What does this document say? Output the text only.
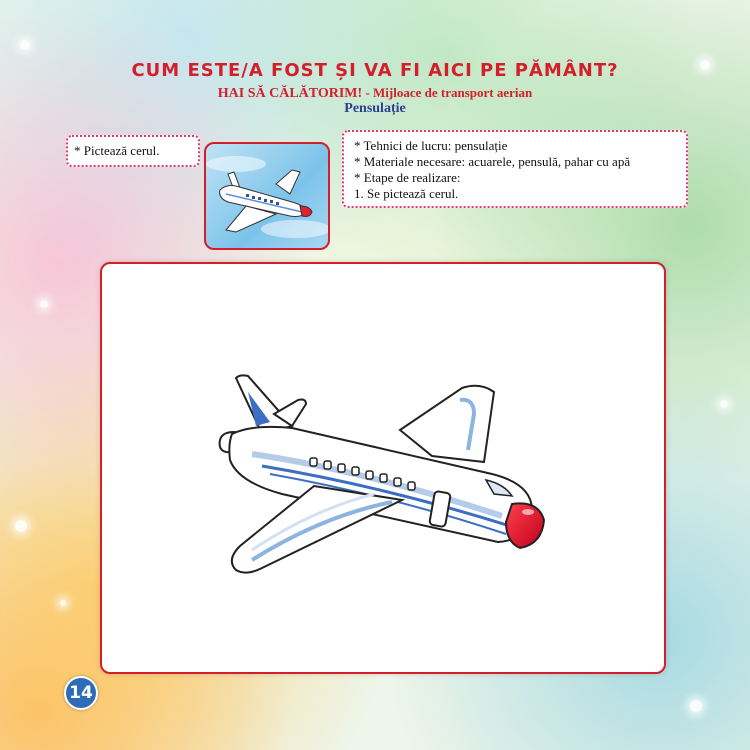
CUM ESTE/A FOST ȘI VA FI AICI PE PĂMÂNT?
HAI SĂ CĂLĂTORIM! - Mijloace de transport aerian
Pensulație
* Pictează cerul.	* Tehnici de lucru: pensulație
* Materiale necesare: acuarele, pensulă, pahar cu apă
* Etape de realizare:
1. Se pictează cerul.
14
